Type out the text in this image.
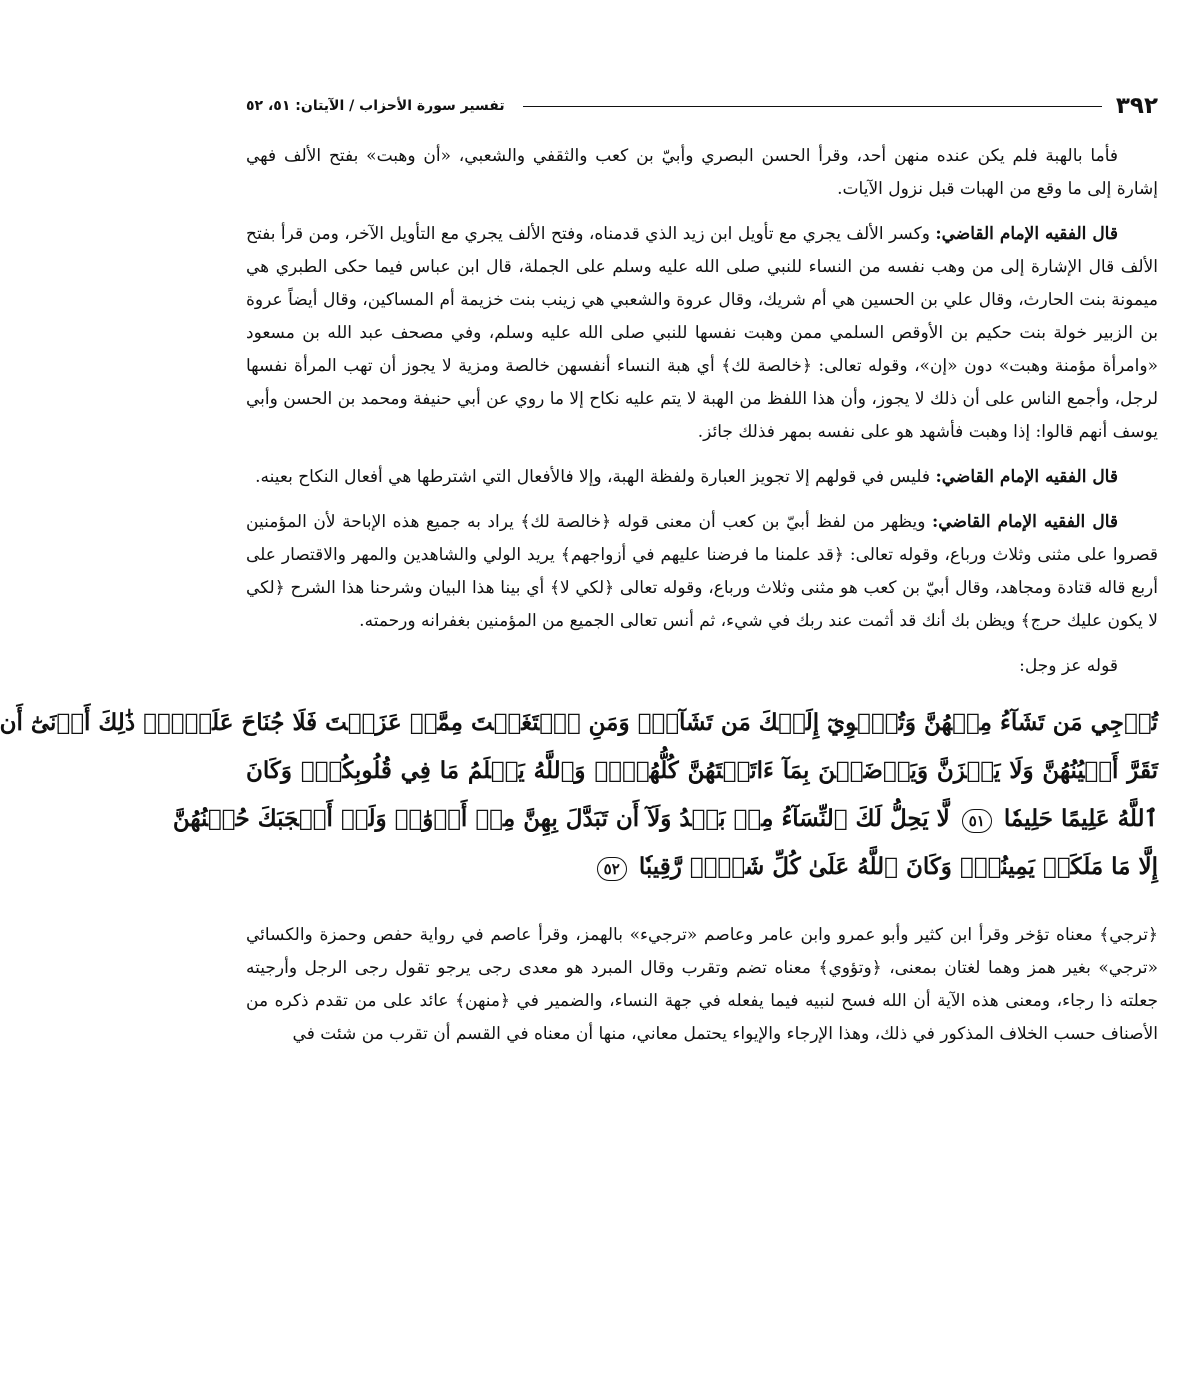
٣٩٢
تفسير سورة الأحزاب / الآيتان: ٥١، ٥٢

فأما بالهبة فلم يكن عنده منهن أحد، وقرأ الحسن البصري وأبيّ بن كعب والثقفي والشعبي، «أن وهبت» بفتح الألف فهي إشارة إلى ما وقع من الهبات قبل نزول الآيات.

قال الفقيه الإمام القاضي: وكسر الألف يجري مع تأويل ابن زيد الذي قدمناه، وفتح الألف يجري مع التأويل الآخر، ومن قرأ بفتح الألف قال الإشارة إلى من وهب نفسه من النساء للنبي صلى الله عليه وسلم على الجملة، قال ابن عباس فيما حكى الطبري هي ميمونة بنت الحارث، وقال علي بن الحسين هي أم شريك، وقال عروة والشعبي هي زينب بنت خزيمة أم المساكين، وقال أيضاً عروة بن الزبير خولة بنت حكيم بن الأوقص السلمي ممن وهبت نفسها للنبي صلى الله عليه وسلم، وفي مصحف عبد الله بن مسعود «وامرأة مؤمنة وهبت» دون «إن»، وقوله تعالى: ﴿خالصة لك﴾ أي هبة النساء أنفسهن خالصة ومزية لا يجوز أن تهب المرأة نفسها لرجل، وأجمع الناس على أن ذلك لا يجوز، وأن هذا اللفظ من الهبة لا يتم عليه نكاح إلا ما روي عن أبي حنيفة ومحمد بن الحسن وأبي يوسف أنهم قالوا: إذا وهبت فأشهد هو على نفسه بمهر فذلك جائز.

قال الفقيه الإمام القاضي: فليس في قولهم إلا تجويز العبارة ولفظة الهبة، وإلا فالأفعال التي اشترطها هي أفعال النكاح بعينه.

قال الفقيه الإمام القاضي: ويظهر من لفظ أبيّ بن كعب أن معنى قوله ﴿خالصة لك﴾ يراد به جميع هذه الإباحة لأن المؤمنين قصروا على مثنى وثلاث ورباع، وقوله تعالى: ﴿قد علمنا ما فرضنا عليهم في أزواجهم﴾ يريد الولي والشاهدين والمهر والاقتصار على أربع قاله قتادة ومجاهد، وقال أبيّ بن كعب هو مثنى وثلاث ورباع، وقوله تعالى ﴿لكي لا﴾ أي بينا هذا البيان وشرحنا هذا الشرح ﴿لكي لا يكون عليك حرج﴾ ويظن بك أنك قد أثمت عند ربك في شيء، ثم أنس تعالى الجميع من المؤمنين بغفرانه ورحمته.

قوله عز وجل:

تُرۡجِي مَن تَشَآءُ مِنۡهُنَّ وَتُـٔۡوِيٓ إِلَيۡكَ مَن تَشَآءُۖ وَمَنِ ٱبۡتَغَيۡتَ مِمَّنۡ عَزَلۡتَ فَلَا جُنَاحَ عَلَيۡكَۚ ذَٰلِكَ أَدۡنَىٰٓ أَن
تَقَرَّ أَعۡيُنُهُنَّ وَلَا يَحۡزَنَّ وَيَرۡضَيۡنَ بِمَآ ءَاتَيۡتَهُنَّ كُلُّهُنَّۚ وَٱللَّهُ يَعۡلَمُ مَا فِي قُلُوبِكُمۡۚ وَكَانَ
ٱللَّهُ عَلِيمًا حَلِيمٗا ٥١ لَّا يَحِلُّ لَكَ ٱلنِّسَآءُ مِنۢ بَعۡدُ وَلَآ أَن تَبَدَّلَ بِهِنَّ مِنۡ أَزۡوَٰجٖ وَلَوۡ أَعۡجَبَكَ حُسۡنُهُنَّ
إِلَّا مَا مَلَكَتۡ يَمِينُكَۗ وَكَانَ ٱللَّهُ عَلَىٰ كُلِّ شَيۡءٖ رَّقِيبٗا ٥٢

﴿ترجي﴾ معناه تؤخر وقرأ ابن كثير وأبو عمرو وابن عامر وعاصم «ترجيء» بالهمز، وقرأ عاصم في رواية حفص وحمزة والكسائي «ترجي» بغير همز وهما لغتان بمعنى، ﴿وتؤوي﴾ معناه تضم وتقرب وقال المبرد هو معدى رجى يرجو تقول رجى الرجل وأرجيته جعلته ذا رجاء، ومعنى هذه الآية أن الله فسح لنبيه فيما يفعله في جهة النساء، والضمير في ﴿منهن﴾ عائد على من تقدم ذكره من الأصناف حسب الخلاف المذكور في ذلك، وهذا الإرجاء والإيواء يحتمل معاني، منها أن معناه في القسم أن تقرب من شئت في
